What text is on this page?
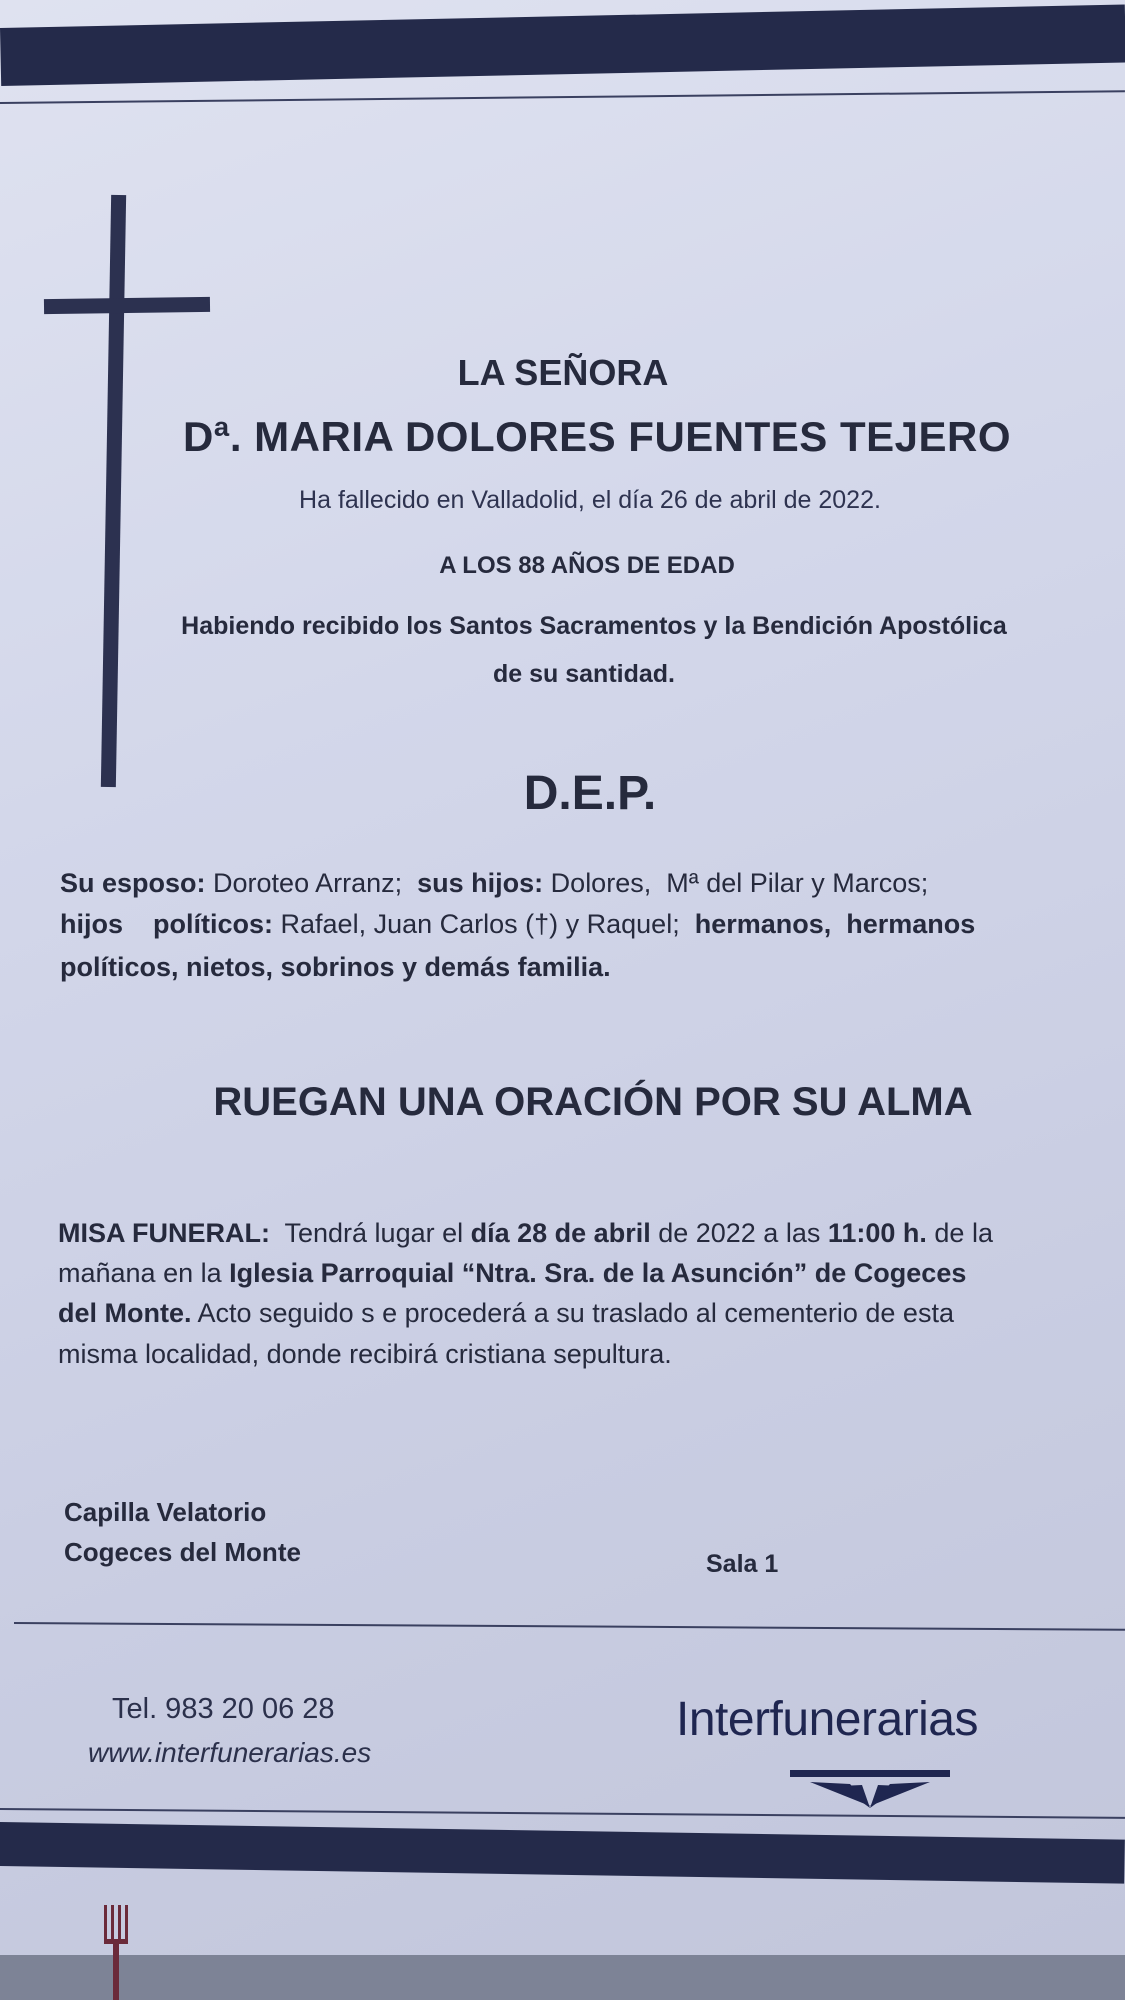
LA SEÑORA
Dª. MARIA DOLORES FUENTES TEJERO
Ha fallecido en Valladolid, el día 26 de abril de 2022.
A LOS 88 AÑOS DE EDAD
Habiendo recibido los Santos Sacramentos y la Bendición Apostólica
de su santidad.
D.E.P.
Su esposo: Doroteo Arranz;  sus hijos: Dolores,  Mª del Pilar y Marcos;
hijos    políticos: Rafael, Juan Carlos (†) y Raquel;  hermanos,  hermanos
políticos, nietos, sobrinos y demás familia.
RUEGAN UNA ORACIÓN POR SU ALMA
MISA FUNERAL:  Tendrá lugar el día 28 de abril de 2022 a las 11:00 h. de la
mañana en la Iglesia Parroquial “Ntra. Sra. de la Asunción” de Cogeces
del Monte. Acto seguido s e procederá a su traslado al cementerio de esta
misma localidad, donde recibirá cristiana sepultura.
Capilla Velatorio
Cogeces del Monte	Sala 1
Tel. 983 20 06 28
www.interfunerarias.es
Interfunerarias
